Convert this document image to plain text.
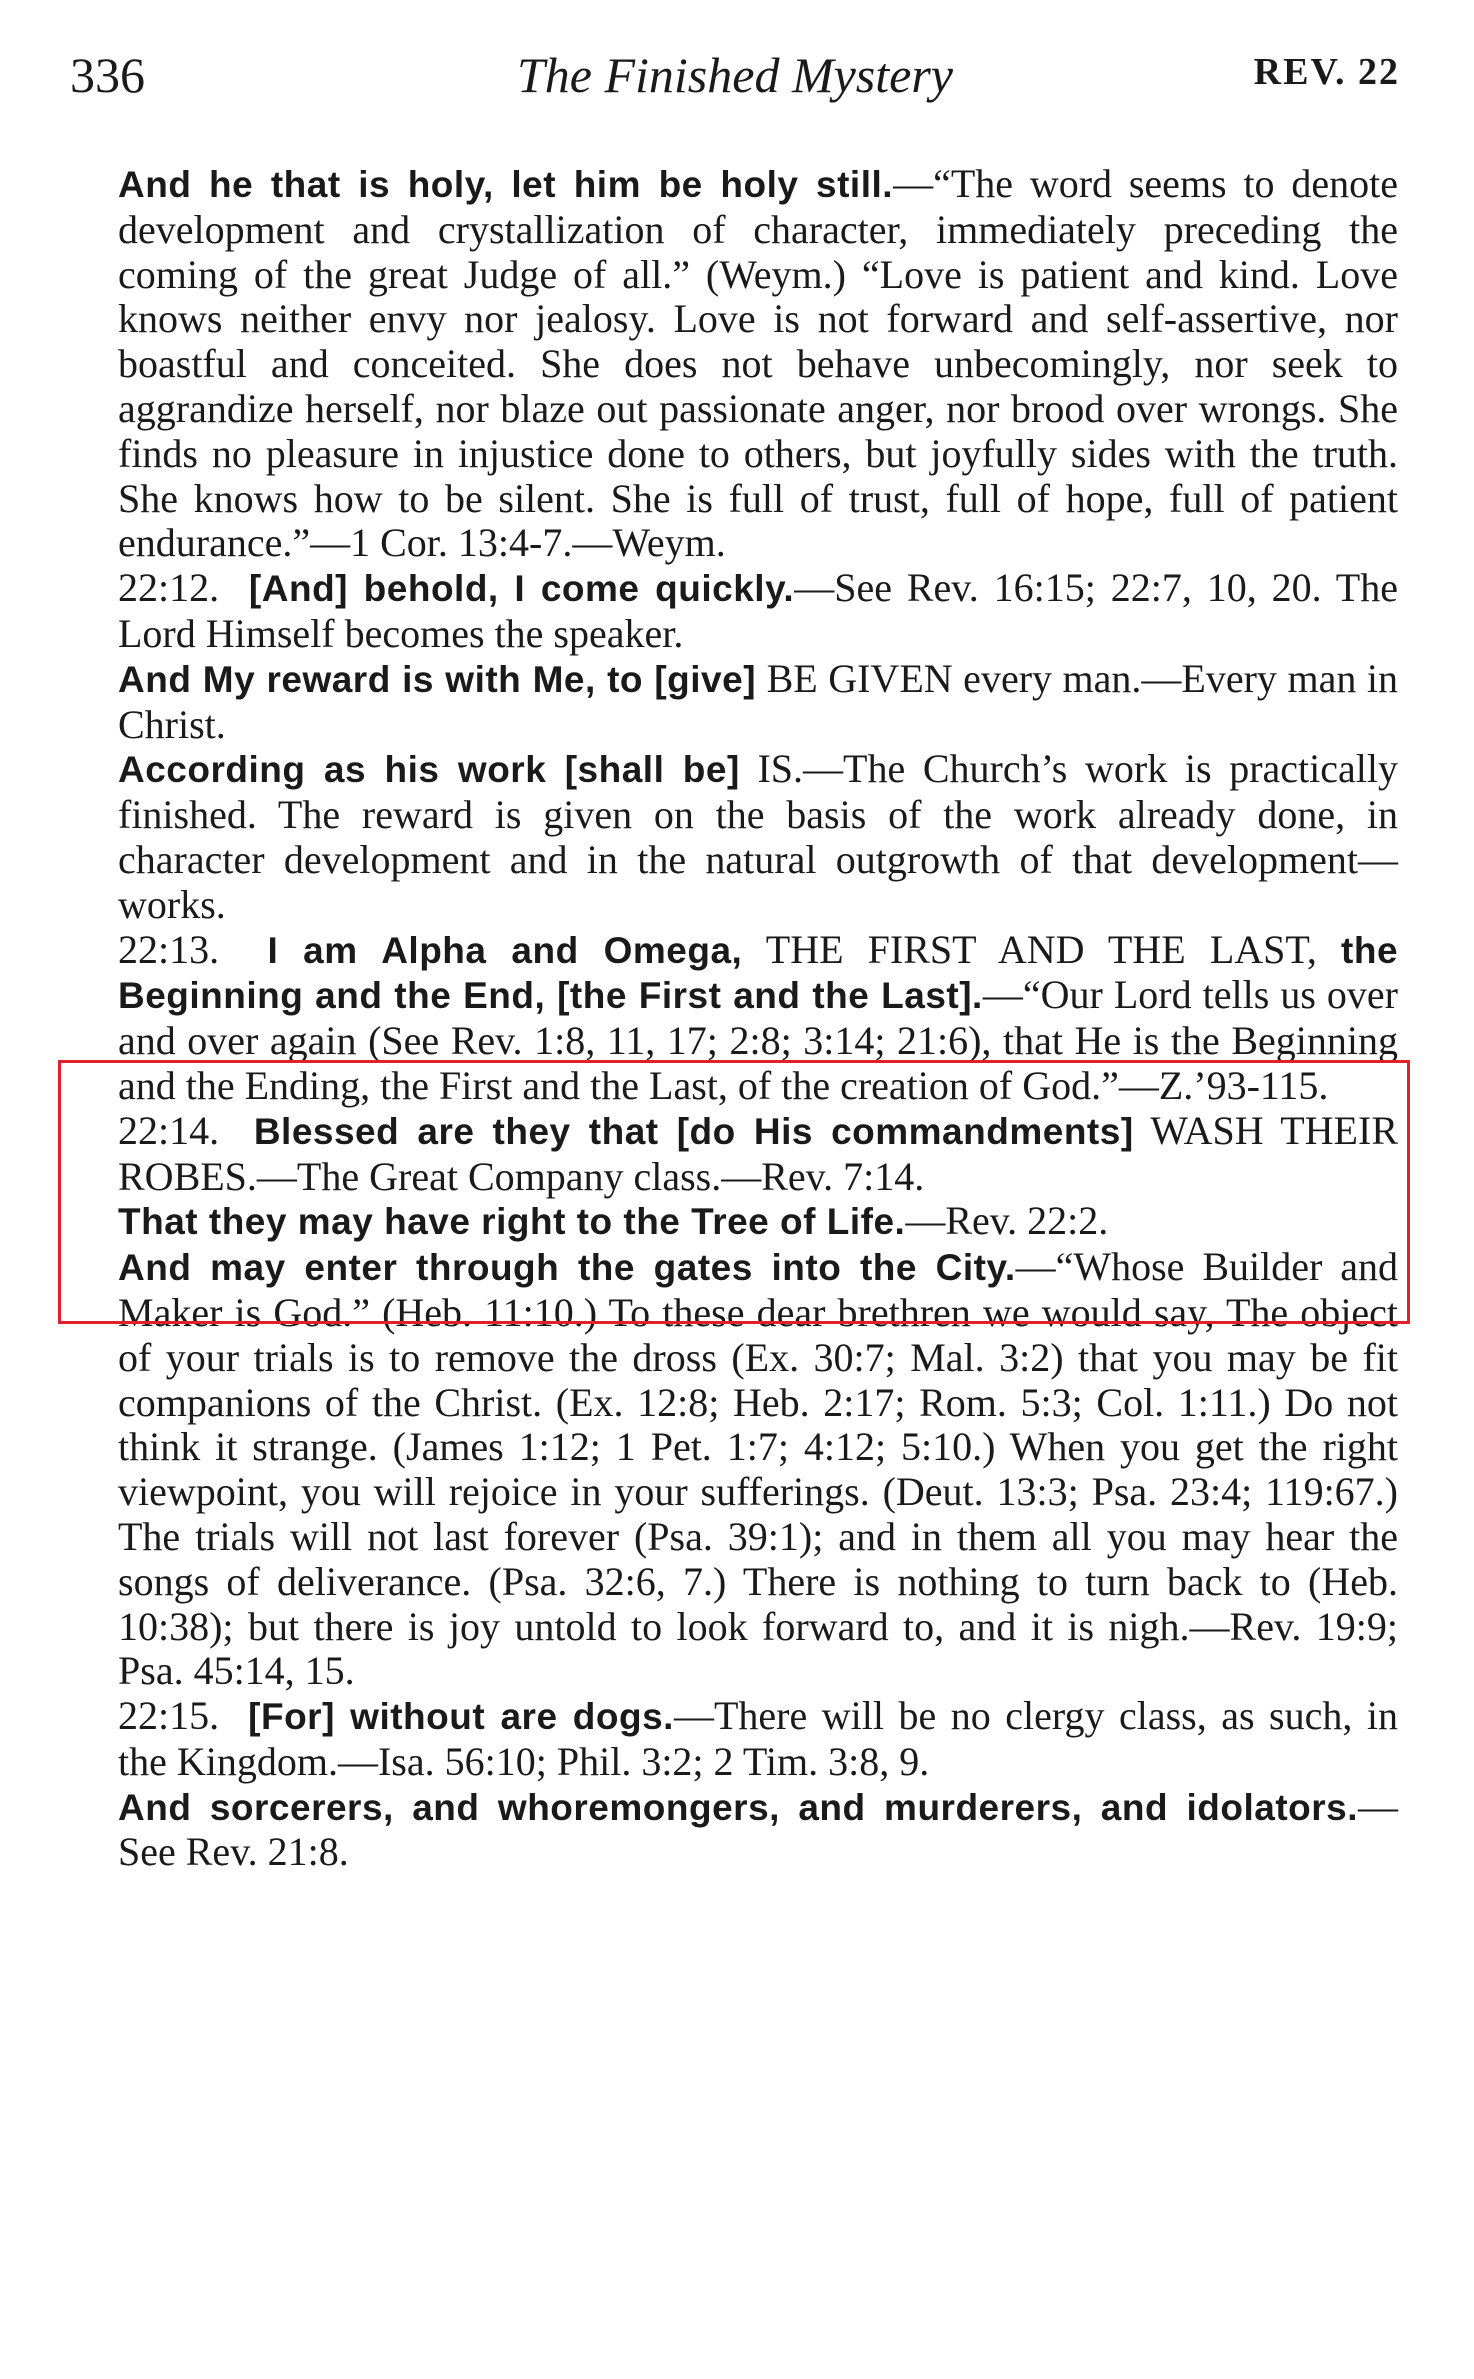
336	The Finished Mystery	REV. 22

And he that is holy, let him be holy still.—“The word seems to denote development and crystallization of character, immediately preceding the coming of the great Judge of all.” (Weym.) “Love is patient and kind. Love knows neither envy nor jealosy. Love is not forward and self-assertive, nor boastful and conceited. She does not behave unbecomingly, nor seek to aggrandize herself, nor blaze out passionate anger, nor brood over wrongs. She finds no pleasure in injustice done to others, but joyfully sides with the truth. She knows how to be silent. She is full of trust, full of hope, full of patient endurance.”—1 Cor. 13:4-7.—Weym.

22:12. [And] behold, I come quickly.—See Rev. 16:15; 22:7, 10, 20. The Lord Himself becomes the speaker.

And My reward is with Me, to [give] BE GIVEN every man.—Every man in Christ.

According as his work [shall be] IS.—The Church’s work is practically finished. The reward is given on the basis of the work already done, in character development and in the natural outgrowth of that development—works.

22:13. I am Alpha and Omega, THE FIRST AND THE LAST, the Beginning and the End, [the First and the Last].—“Our Lord tells us over and over again (See Rev. 1:8, 11, 17; 2:8; 3:14; 21:6), that He is the Beginning and the Ending, the First and the Last, of the creation of God.”—Z.’93-115.

22:14. Blessed are they that [do His commandments] WASH THEIR ROBES.—The Great Company class.—Rev. 7:14.

That they may have right to the Tree of Life.—Rev. 22:2.

And may enter through the gates into the City.—“Whose Builder and Maker is God.” (Heb. 11:10.) To these dear brethren we would say, The object of your trials is to remove the dross (Ex. 30:7; Mal. 3:2) that you may be fit companions of the Christ. (Ex. 12:8; Heb. 2:17; Rom. 5:3; Col. 1:11.) Do not think it strange. (James 1:12; 1 Pet. 1:7; 4:12; 5:10.) When you get the right viewpoint, you will rejoice in your sufferings. (Deut. 13:3; Psa. 23:4; 119:67.) The trials will not last forever (Psa. 39:1); and in them all you may hear the songs of deliverance. (Psa. 32:6, 7.) There is nothing to turn back to (Heb. 10:38); but there is joy untold to look forward to, and it is nigh.—Rev. 19:9; Psa. 45:14, 15.

22:15. [For] without are dogs.—There will be no clergy class, as such, in the Kingdom.—Isa. 56:10; Phil. 3:2; 2 Tim. 3:8, 9.

And sorcerers, and whoremongers, and murderers, and idolators.—See Rev. 21:8.
